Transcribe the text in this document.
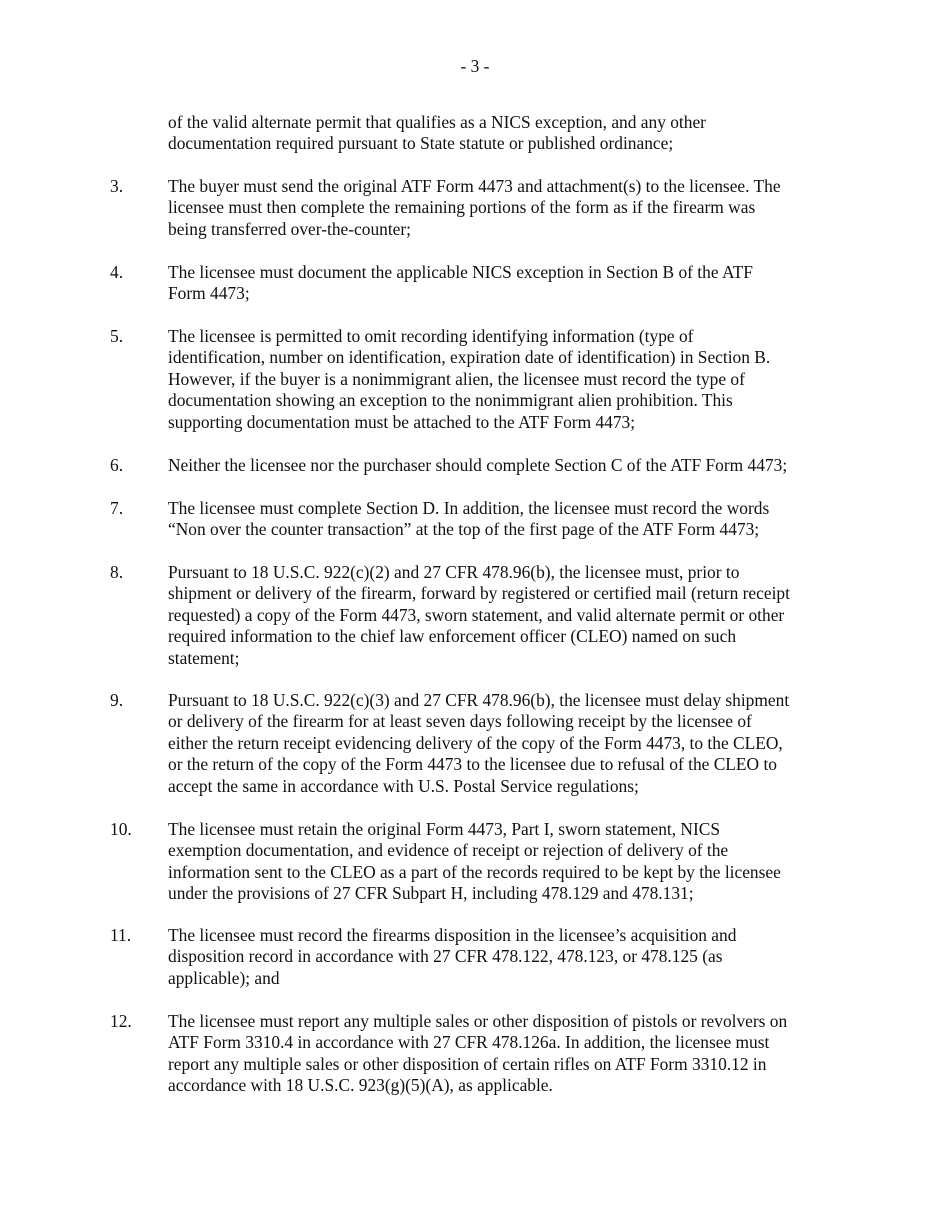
- 3 -
of the valid alternate permit that qualifies as a NICS exception, and any other
documentation required pursuant to State statute or published ordinance;
3.	The buyer must send the original ATF Form 4473 and attachment(s) to the licensee. The
licensee must then complete the remaining portions of the form as if the firearm was
being transferred over-the-counter;
4.	The licensee must document the applicable NICS exception in Section B of the ATF
Form 4473;
5.	The licensee is permitted to omit recording identifying information (type of
identification, number on identification, expiration date of identification) in Section B.
However, if the buyer is a nonimmigrant alien, the licensee must record the type of
documentation showing an exception to the nonimmigrant alien prohibition. This
supporting documentation must be attached to the ATF Form 4473;
6.	Neither the licensee nor the purchaser should complete Section C of the ATF Form 4473;
7.	The licensee must complete Section D. In addition, the licensee must record the words
“Non over the counter transaction” at the top of the first page of the ATF Form 4473;
8.	Pursuant to 18 U.S.C. 922(c)(2) and 27 CFR 478.96(b), the licensee must, prior to
shipment or delivery of the firearm, forward by registered or certified mail (return receipt
requested) a copy of the Form 4473, sworn statement, and valid alternate permit or other
required information to the chief law enforcement officer (CLEO) named on such
statement;
9.	Pursuant to 18 U.S.C. 922(c)(3) and 27 CFR 478.96(b), the licensee must delay shipment
or delivery of the firearm for at least seven days following receipt by the licensee of
either the return receipt evidencing delivery of the copy of the Form 4473, to the CLEO,
or the return of the copy of the Form 4473 to the licensee due to refusal of the CLEO to
accept the same in accordance with U.S. Postal Service regulations;
10.	The licensee must retain the original Form 4473, Part I, sworn statement, NICS
exemption documentation, and evidence of receipt or rejection of delivery of the
information sent to the CLEO as a part of the records required to be kept by the licensee
under the provisions of 27 CFR Subpart H, including 478.129 and 478.131;
11.	The licensee must record the firearms disposition in the licensee’s acquisition and
disposition record in accordance with 27 CFR 478.122, 478.123, or 478.125 (as
applicable); and
12.	The licensee must report any multiple sales or other disposition of pistols or revolvers on
ATF Form 3310.4 in accordance with 27 CFR 478.126a. In addition, the licensee must
report any multiple sales or other disposition of certain rifles on ATF Form 3310.12 in
accordance with 18 U.S.C. 923(g)(5)(A), as applicable.
